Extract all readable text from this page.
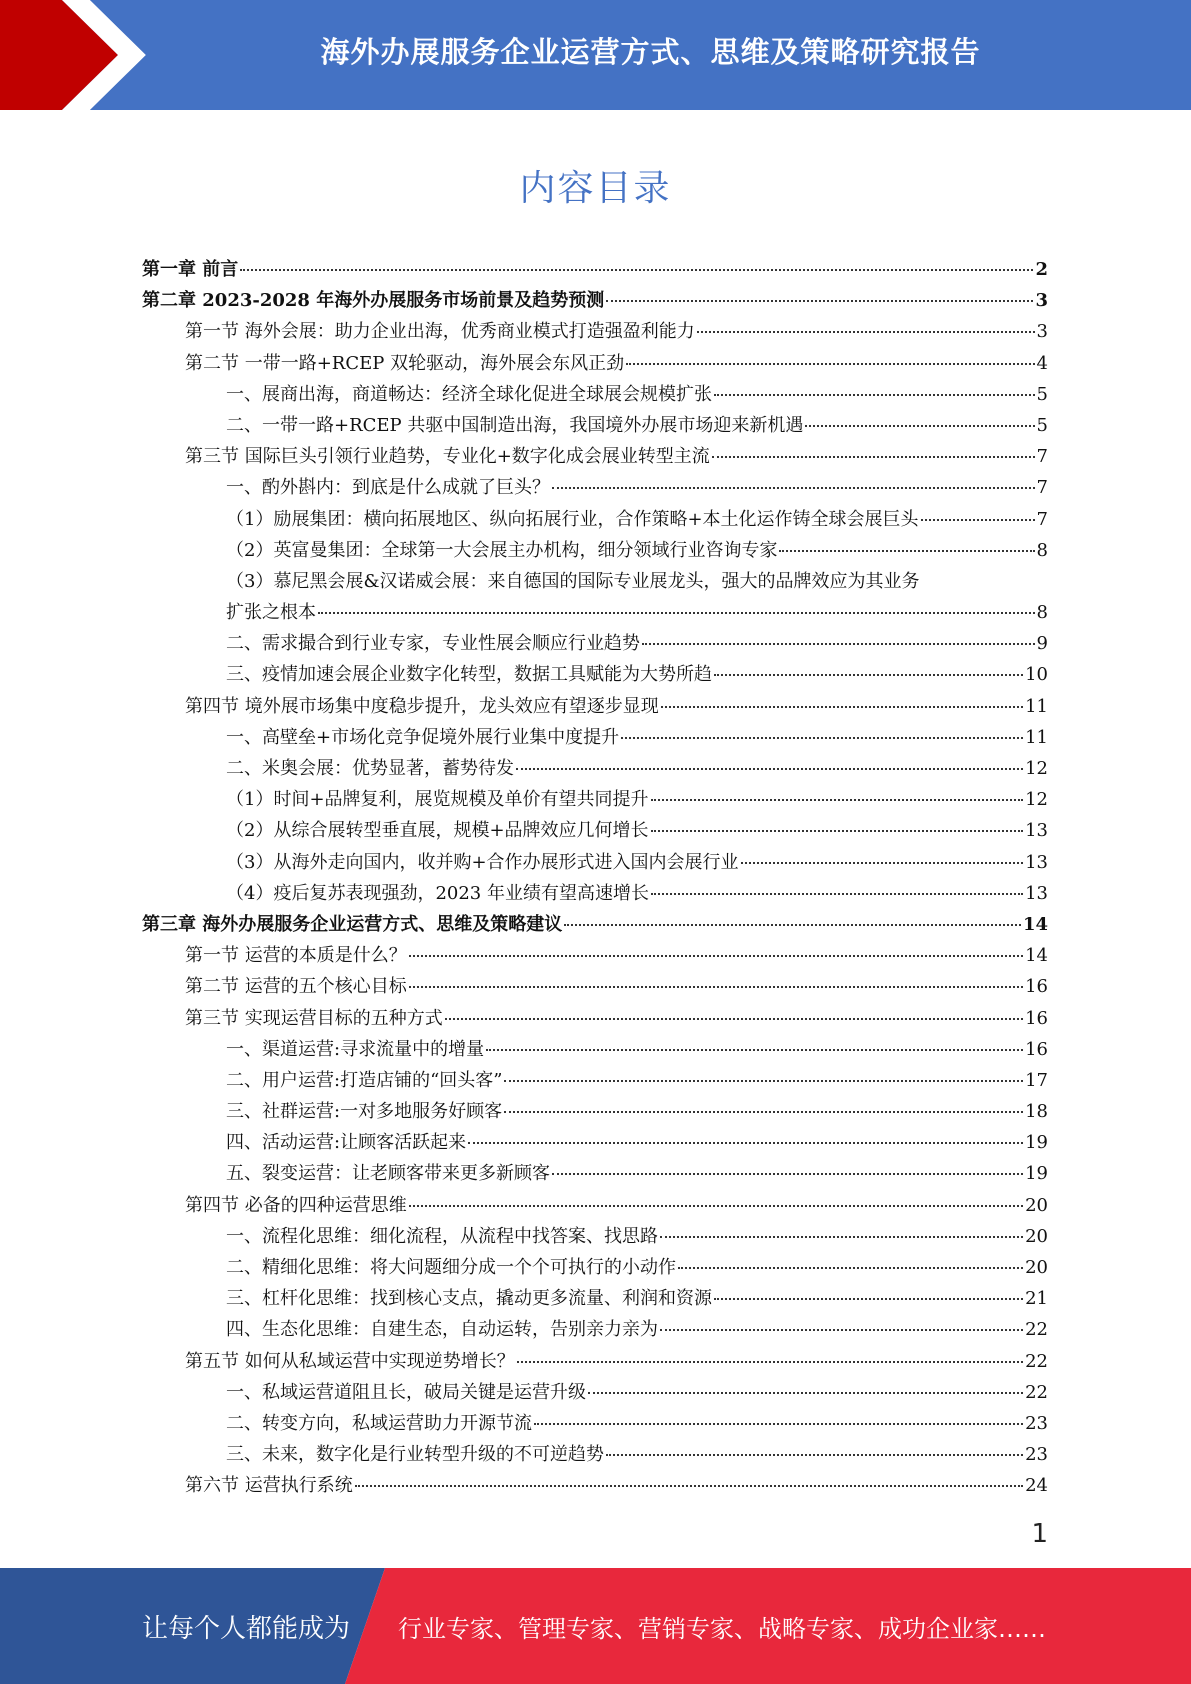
海外办展服务企业运营方式、思维及策略研究报告
内容目录
第一章 前言	2
第二章 2023-2028 年海外办展服务市场前景及趋势预测	3
第一节 海外会展：助力企业出海，优秀商业模式打造强盈利能力	3
第二节 一带一路+RCEP 双轮驱动，海外展会东风正劲	4
一、展商出海，商道畅达：经济全球化促进全球展会规模扩张	5
二、一带一路+RCEP 共驱中国制造出海，我国境外办展市场迎来新机遇	5
第三节 国际巨头引领行业趋势，专业化+数字化成会展业转型主流	7
一、酌外斟内：到底是什么成就了巨头？	7
（1）励展集团：横向拓展地区、纵向拓展行业，合作策略+本土化运作铸全球会展巨头	7
（2）英富曼集团：全球第一大会展主办机构，细分领域行业咨询专家	8
（3）慕尼黑会展&汉诺威会展：来自德国的国际专业展龙头，强大的品牌效应为其业务
扩张之根本	8
二、需求撮合到行业专家，专业性展会顺应行业趋势	9
三、疫情加速会展企业数字化转型，数据工具赋能为大势所趋	10
第四节 境外展市场集中度稳步提升，龙头效应有望逐步显现	11
一、高壁垒+市场化竞争促境外展行业集中度提升	11
二、米奥会展：优势显著，蓄势待发	12
（1）时间+品牌复利，展览规模及单价有望共同提升	12
（2）从综合展转型垂直展，规模+品牌效应几何增长	13
（3）从海外走向国内，收并购+合作办展形式进入国内会展行业	13
（4）疫后复苏表现强劲，2023 年业绩有望高速增长	13
第三章 海外办展服务企业运营方式、思维及策略建议	14
第一节 运营的本质是什么？	14
第二节 运营的五个核心目标	16
第三节 实现运营目标的五种方式	16
一、渠道运营:寻求流量中的增量	16
二、用户运营:打造店铺的“回头客”	17
三、社群运营:一对多地服务好顾客	18
四、活动运营:让顾客活跃起来	19
五、裂变运营：让老顾客带来更多新顾客	19
第四节 必备的四种运营思维	20
一、流程化思维：细化流程，从流程中找答案、找思路	20
二、精细化思维：将大问题细分成一个个可执行的小动作	20
三、杠杆化思维：找到核心支点，撬动更多流量、利润和资源	21
四、生态化思维：自建生态，自动运转，告别亲力亲为	22
第五节 如何从私域运营中实现逆势增长？	22
一、私域运营道阻且长，破局关键是运营升级	22
二、转变方向，私域运营助力开源节流	23
三、未来，数字化是行业转型升级的不可逆趋势	23
第六节 运营执行系统	24
1
让每个人都能成为 行业专家、管理专家、营销专家、战略专家、成功企业家……
